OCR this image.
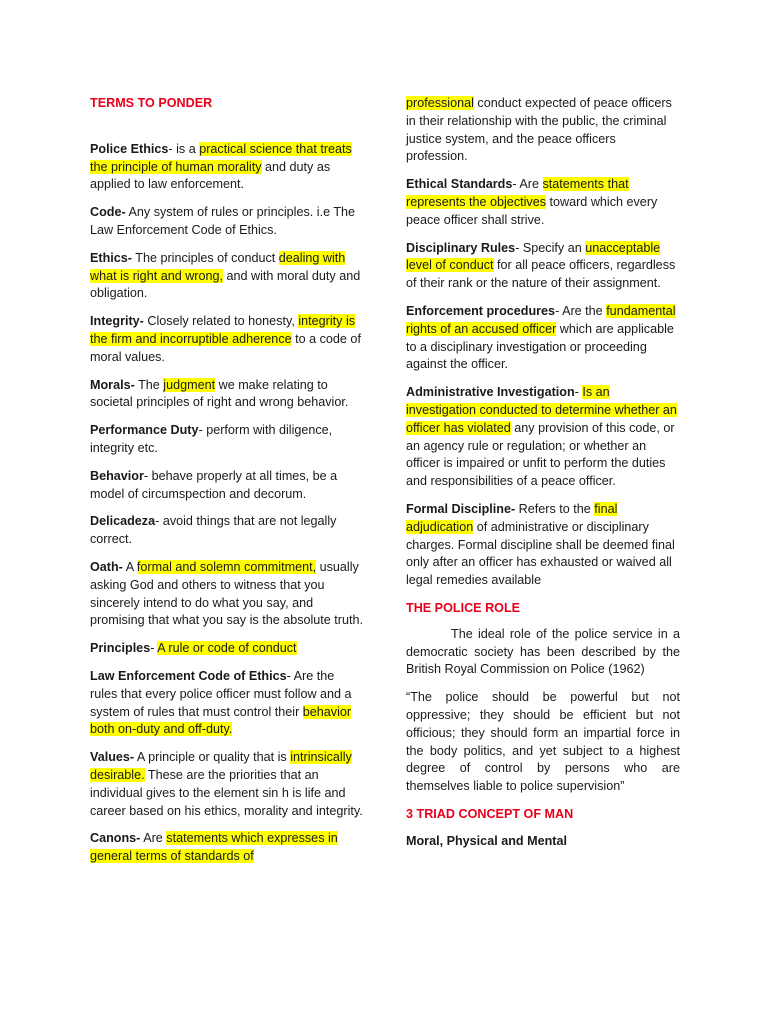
TERMS TO PONDER

Police Ethics- is a practical science that treats the principle of human morality and duty as applied to law enforcement.

Code- Any system of rules or principles. i.e The Law Enforcement Code of Ethics.

Ethics- The principles of conduct dealing with what is right and wrong, and with moral duty and obligation.

Integrity- Closely related to honesty, integrity is the firm and incorruptible adherence to a code of moral values.

Morals- The judgment we make relating to societal principles of right and wrong behavior.

Performance Duty- perform with diligence, integrity etc.

Behavior- behave properly at all times, be a model of circumspection and decorum.

Delicadeza- avoid things that are not legally correct.

Oath- A formal and solemn commitment, usually asking God and others to witness that you sincerely intend to do what you say, and promising that what you say is the absolute truth.

Principles- A rule or code of conduct

Law Enforcement Code of Ethics- Are the rules that every police officer must follow and a system of rules that must control their behavior both on-duty and off-duty.

Values- A principle or quality that is intrinsically desirable. These are the priorities that an individual gives to the element sin h is life and career based on his ethics, morality and integrity.

Canons- Are statements which expresses in general terms of standards of

professional conduct expected of peace officers in their relationship with the public, the criminal justice system, and the peace officers profession.

Ethical Standards- Are statements that represents the objectives toward which every peace officer shall strive.

Disciplinary Rules- Specify an unacceptable level of conduct for all peace officers, regardless of their rank or the nature of their assignment.

Enforcement procedures- Are the fundamental rights of an accused officer which are applicable to a disciplinary investigation or proceeding against the officer.

Administrative Investigation- Is an investigation conducted to determine whether an officer has violated any provision of this code, or an agency rule or regulation; or whether an officer is impaired or unfit to perform the duties and responsibilities of a peace officer.

Formal Discipline- Refers to the final adjudication of administrative or disciplinary charges. Formal discipline shall be deemed final only after an officer has exhausted or waived all legal remedies available

THE POLICE ROLE

The ideal role of the police service in a democratic society has been described by the British Royal Commission on Police (1962)

“The police should be powerful but not oppressive; they should be efficient but not officious; they should form an impartial force in the body politics, and yet subject to a highest degree of control by persons who are themselves liable to police supervision”

3 TRIAD CONCEPT OF MAN

Moral, Physical and Mental
